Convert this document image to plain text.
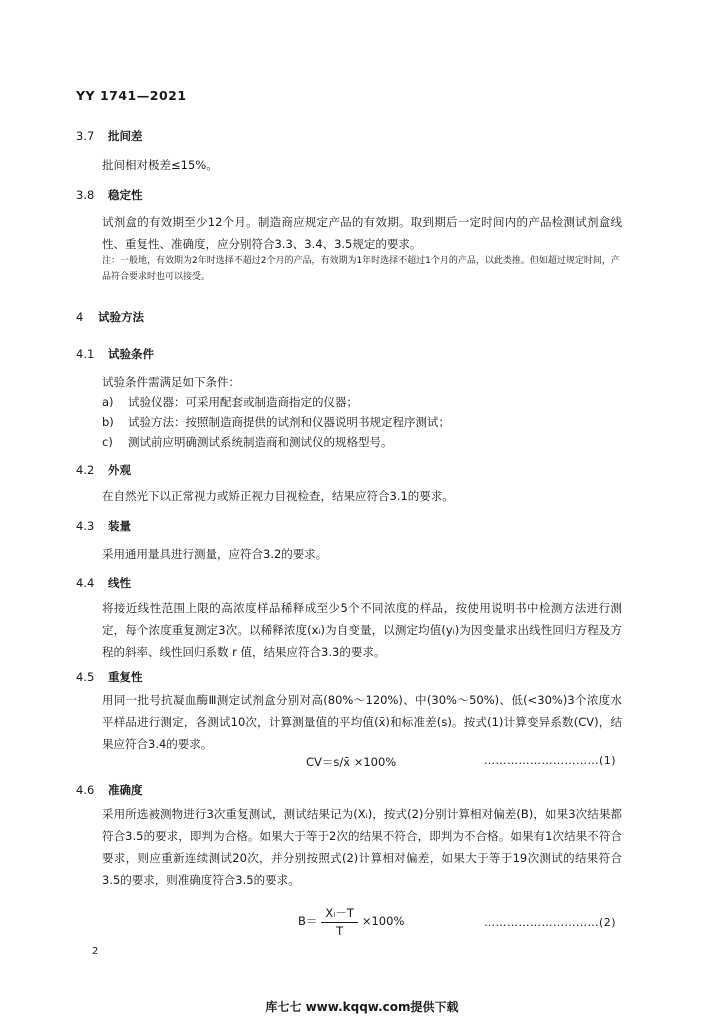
YY 1741—2021
3.7 批间差
批间相对极差≤15%。
3.8 稳定性
试剂盒的有效期至少12个月。制造商应规定产品的有效期。取到期后一定时间内的产品检测试剂盒线性、重复性、准确度，应分别符合3.3、3.4、3.5规定的要求。
注：一般地，有效期为2年时选择不超过2个月的产品，有效期为1年时选择不超过1个月的产品，以此类推。但如超过规定时间，产品符合要求时也可以接受。
4 试验方法
4.1 试验条件
试验条件需满足如下条件：
a) 试验仪器：可采用配套或制造商指定的仪器；
b) 试验方法：按照制造商提供的试剂和仪器说明书规定程序测试；
c) 测试前应明确测试系统制造商和测试仪的规格型号。
4.2 外观
在自然光下以正常视力或矫正视力目视检查，结果应符合3.1的要求。
4.3 装量
采用通用量具进行测量，应符合3.2的要求。
4.4 线性
将接近线性范围上限的高浓度样品稀释成至少5个不同浓度的样品，按使用说明书中检测方法进行测定，每个浓度重复测定3次。以稀释浓度(xᵢ)为自变量，以测定均值(yᵢ)为因变量求出线性回归方程及方程的斜率、线性回归系数 r 值，结果应符合3.3的要求。
4.5 重复性
用同一批号抗凝血酶Ⅲ测定试剂盒分别对高(80%～120%)、中(30%～50%)、低(<30%)3个浓度水平样品进行测定，各测试10次，计算测量值的平均值(x̄)和标准差(s)。按式(1)计算变异系数(CV)，结果应符合3.4的要求。
CV＝s/x̄ ×100%	…………………………(1)
4.6 准确度
采用所选被测物进行3次重复测试，测试结果记为(Xᵢ)，按式(2)分别计算相对偏差(B)，如果3次结果都符合3.5的要求，即判为合格。如果大于等于2次的结果不符合，即判为不合格。如果有1次结果不符合要求，则应重新连续测试20次，并分别按照式(2)计算相对偏差，如果大于等于19次测试的结果符合3.5的要求，则准确度符合3.5的要求。
$B= \frac{\text{Xᵢ－T}}{T} \times 100\%$	…………………………(2)
2
库七七 www.kqqw.com提供下载
